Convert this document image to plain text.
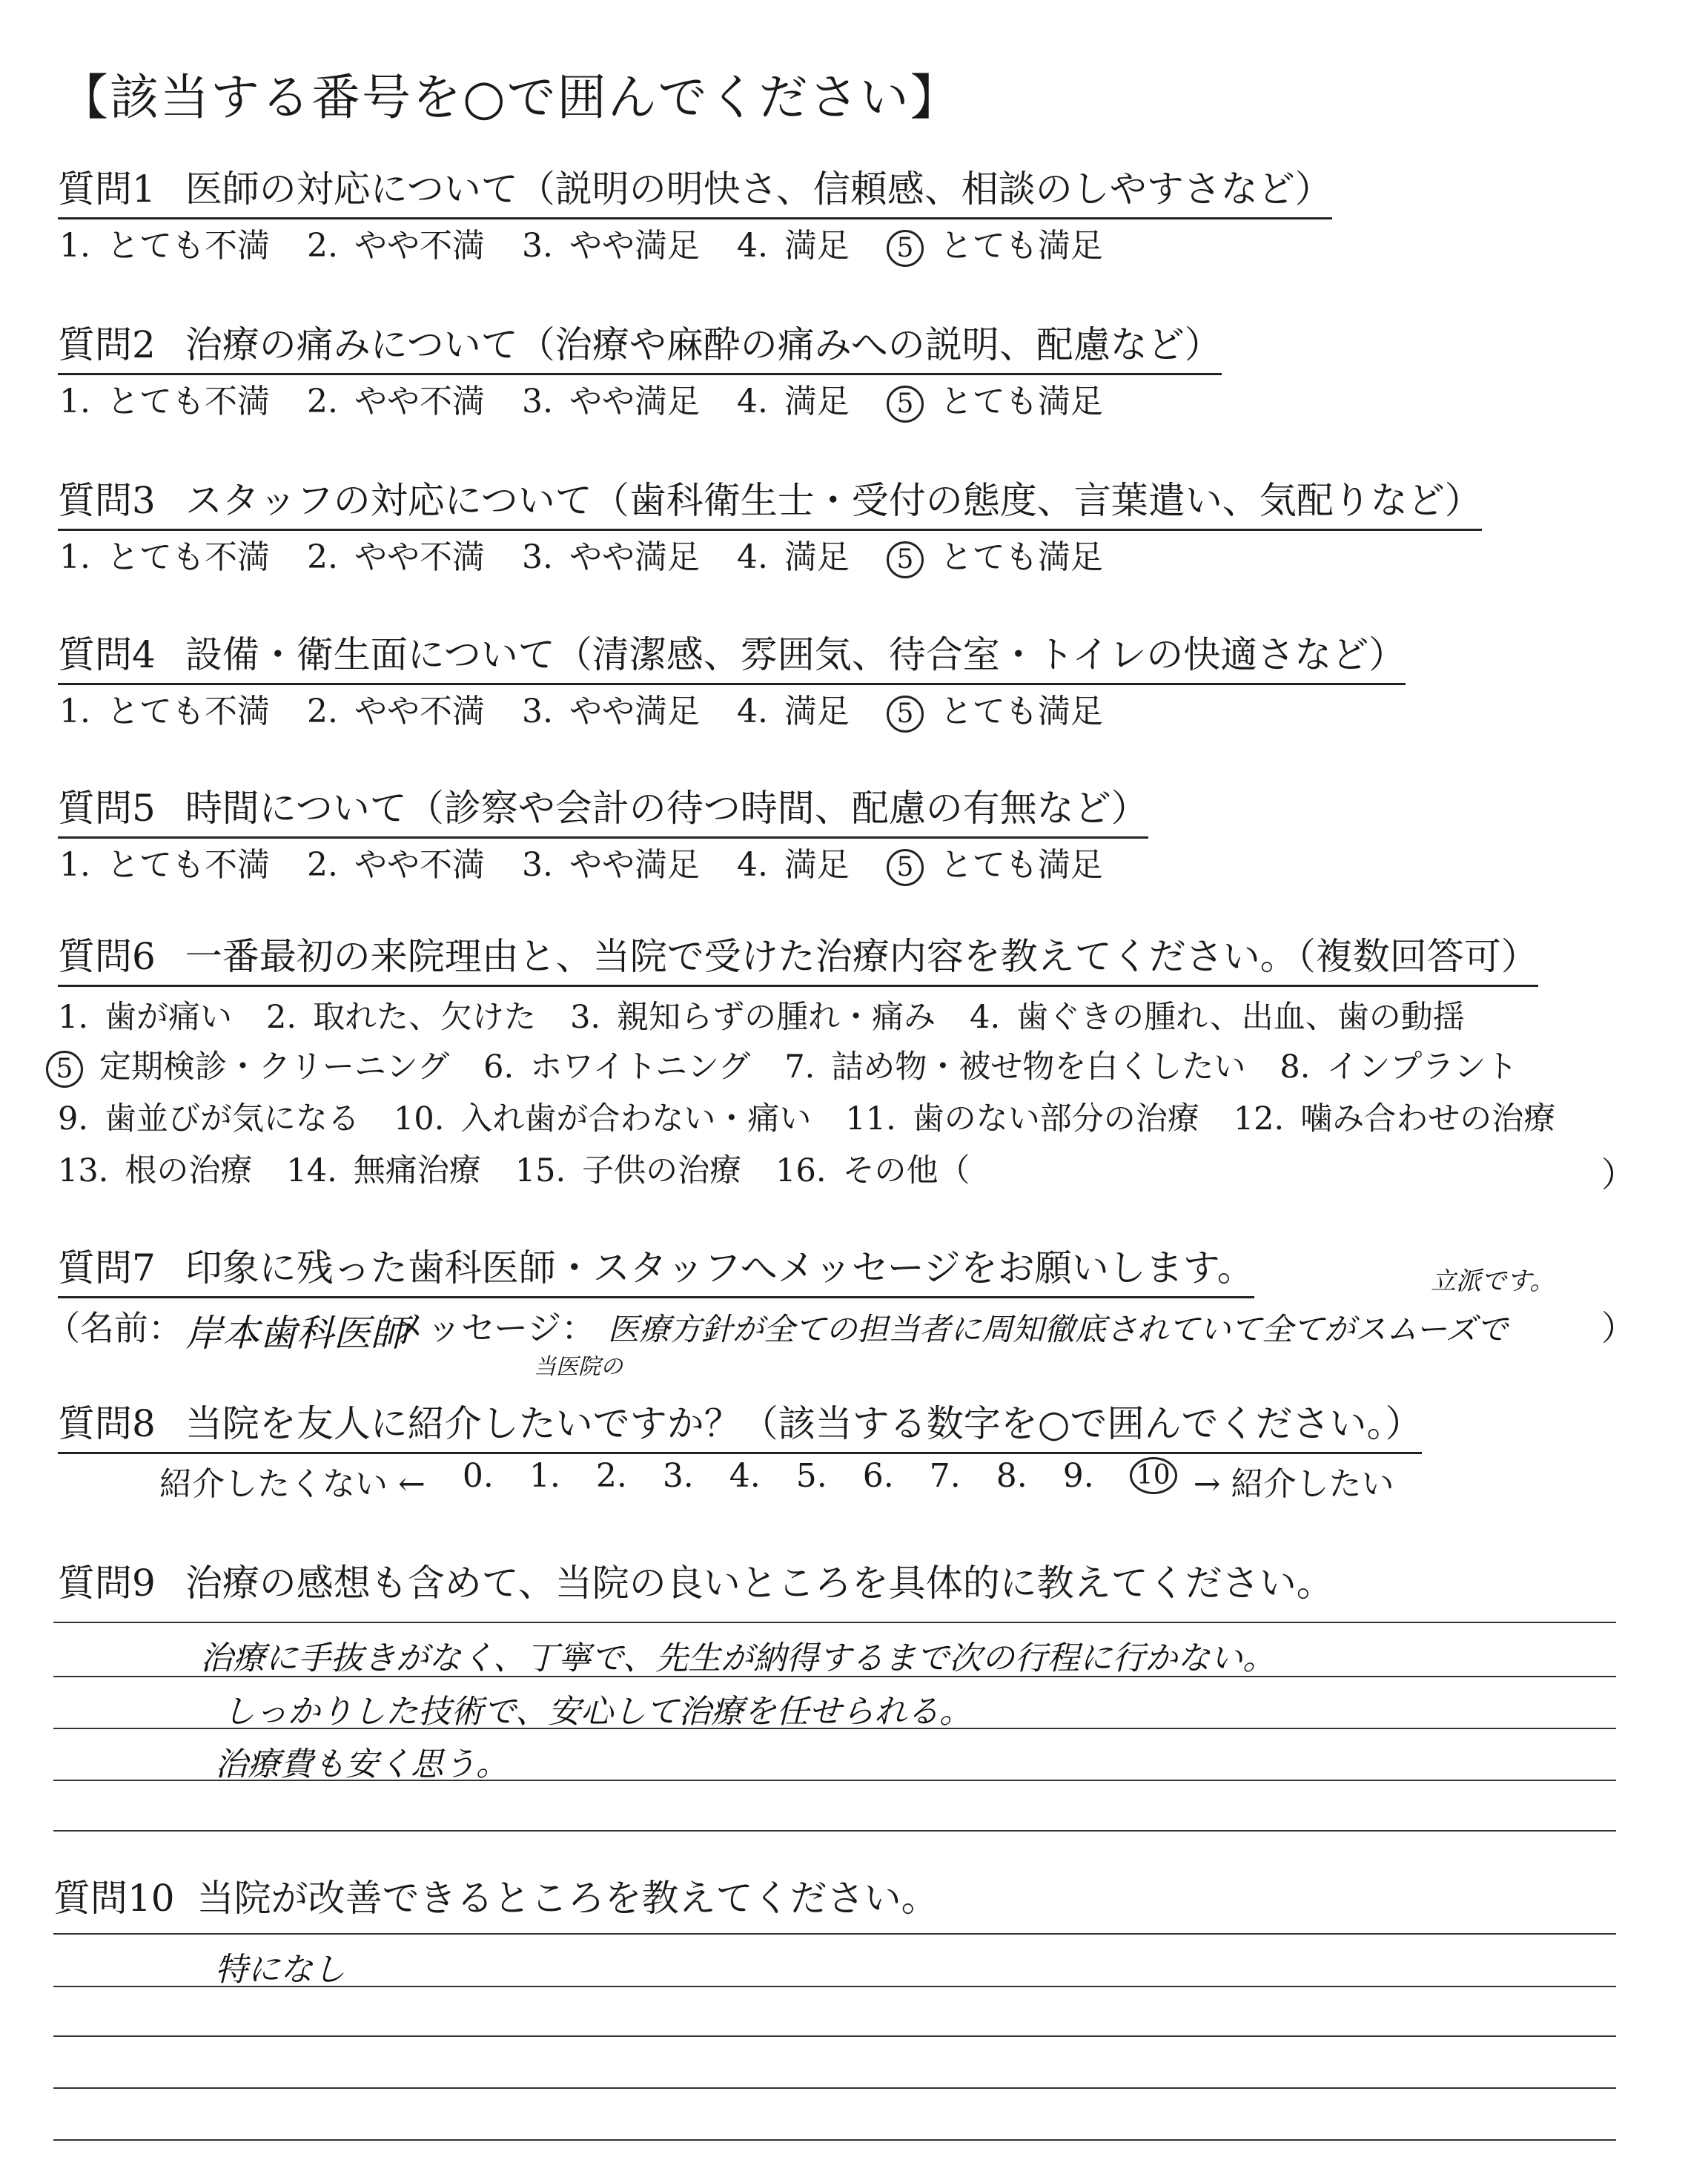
【該当する番号を○で囲んでください】
質問1 医師の対応について（説明の明快さ、信頼感、相談のしやすさなど）
1. とても不満 2. やや不満 3. やや満足 4. 満足	5 とても満足
質問2 治療の痛みについて（治療や麻酔の痛みへの説明、配慮など）
1. とても不満 2. やや不満 3. やや満足 4. 満足	5 とても満足
質問3 スタッフの対応について（歯科衛生士・受付の態度、言葉遣い、気配りなど）
1. とても不満 2. やや不満 3. やや満足 4. 満足	5 とても満足
質問4 設備・衛生面について（清潔感、雰囲気、待合室・トイレの快適さなど）
1. とても不満 2. やや不満 3. やや満足 4. 満足	5 とても満足
質問5 時間について（診察や会計の待つ時間、配慮の有無など）
1. とても不満 2. やや不満 3. やや満足 4. 満足	5 とても満足
質問6 一番最初の来院理由と、当院で受けた治療内容を教えてください。（複数回答可）
1. 歯が痛い 2. 取れた、欠けた 3. 親知らずの腫れ・痛み 4. 歯ぐきの腫れ、出血、歯の動揺
5 定期検診・クリーニング 6. ホワイトニング 7. 詰め物・被せ物を白くしたい 8. インプラント
9. 歯並びが気になる 10. 入れ歯が合わない・痛い 11. 歯のない部分の治療 12. 噛み合わせの治療
13. 根の治療 14. 無痛治療 15. 子供の治療 16. その他（	）
質問7 印象に残った歯科医師・スタッフへメッセージをお願いします。	立派です。
（名前： 岸本歯科医師
メッセージ：
当医院の
医療方針が全ての担当者に周知徹底されていて全てがスムーズで	）
質問8 当院を友人に紹介したいですか？（該当する数字を○で囲んでください。）
紹介したくない ← 0. 1. 2. 3. 4. 5. 6. 7. 8. 9. 10 → 紹介したい
質問9 治療の感想も含めて、当院の良いところを具体的に教えてください。
治療に手抜きがなく、丁寧で、先生が納得するまで次の行程に行かない。
しっかりした技術で、安心して治療を任せられる。
治療費も安く思う。
質問10 当院が改善できるところを教えてください。
特になし
